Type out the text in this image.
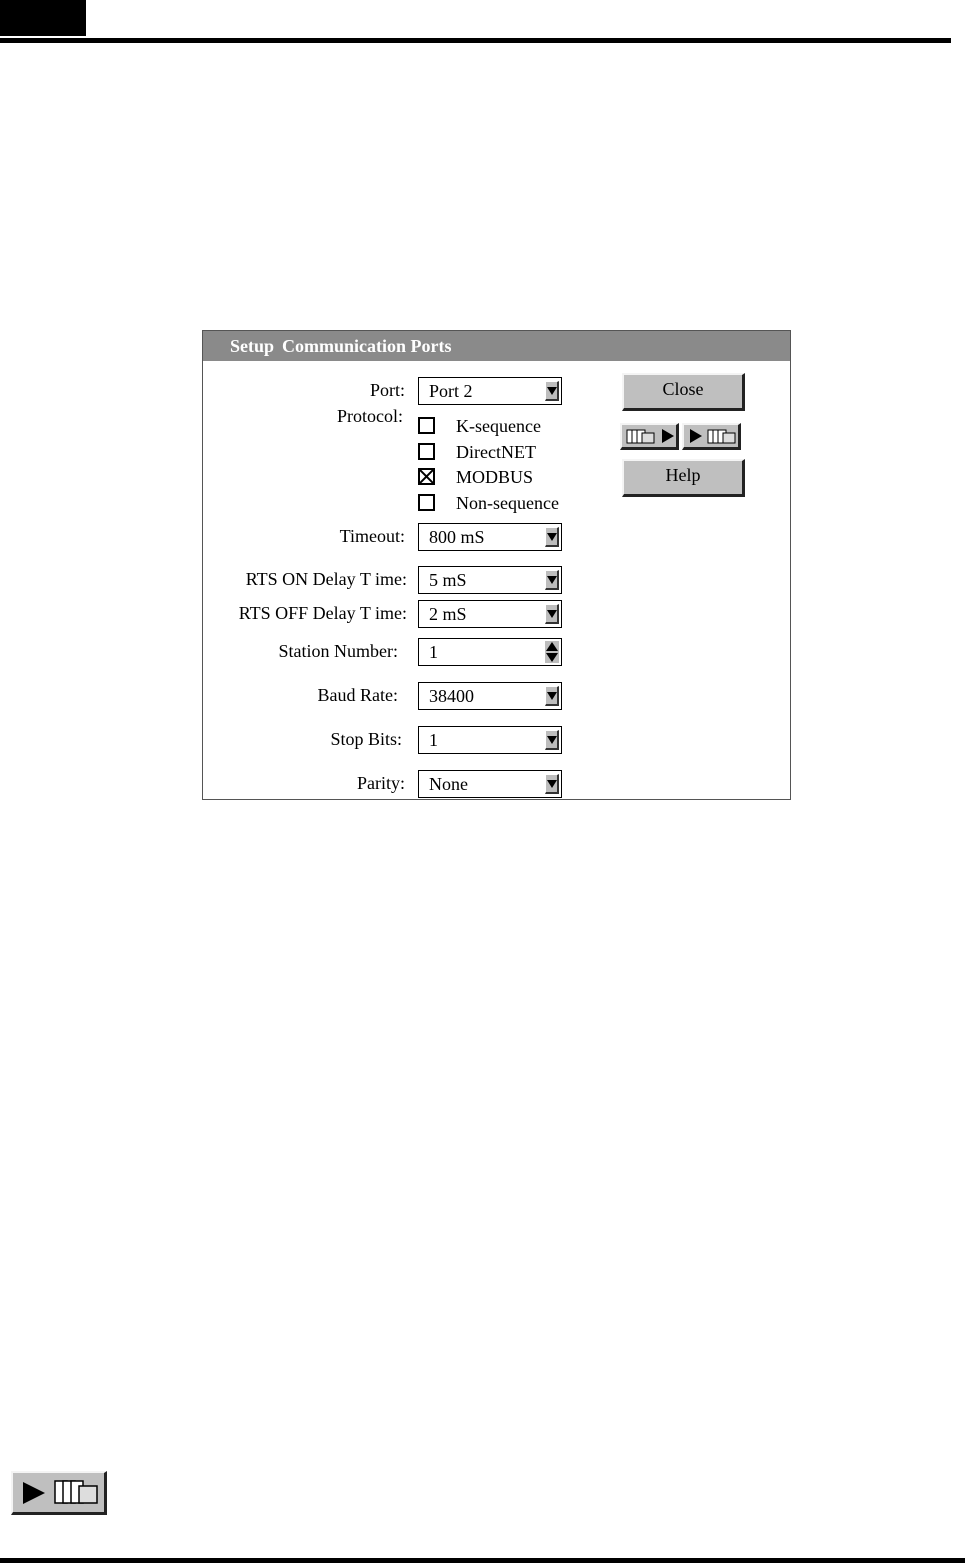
Setup Communication Ports
Port: Port 2
Protocol:	K-sequence
DirectNET
MODBUS
Non-sequence
Timeout: 800 mS
RTS ON Delay T ime: 5 mS
RTS OFF Delay T ime: 2 mS
Station Number: 1
Baud Rate: 38400
Stop Bits: 1
Parity: None
Close
Help
